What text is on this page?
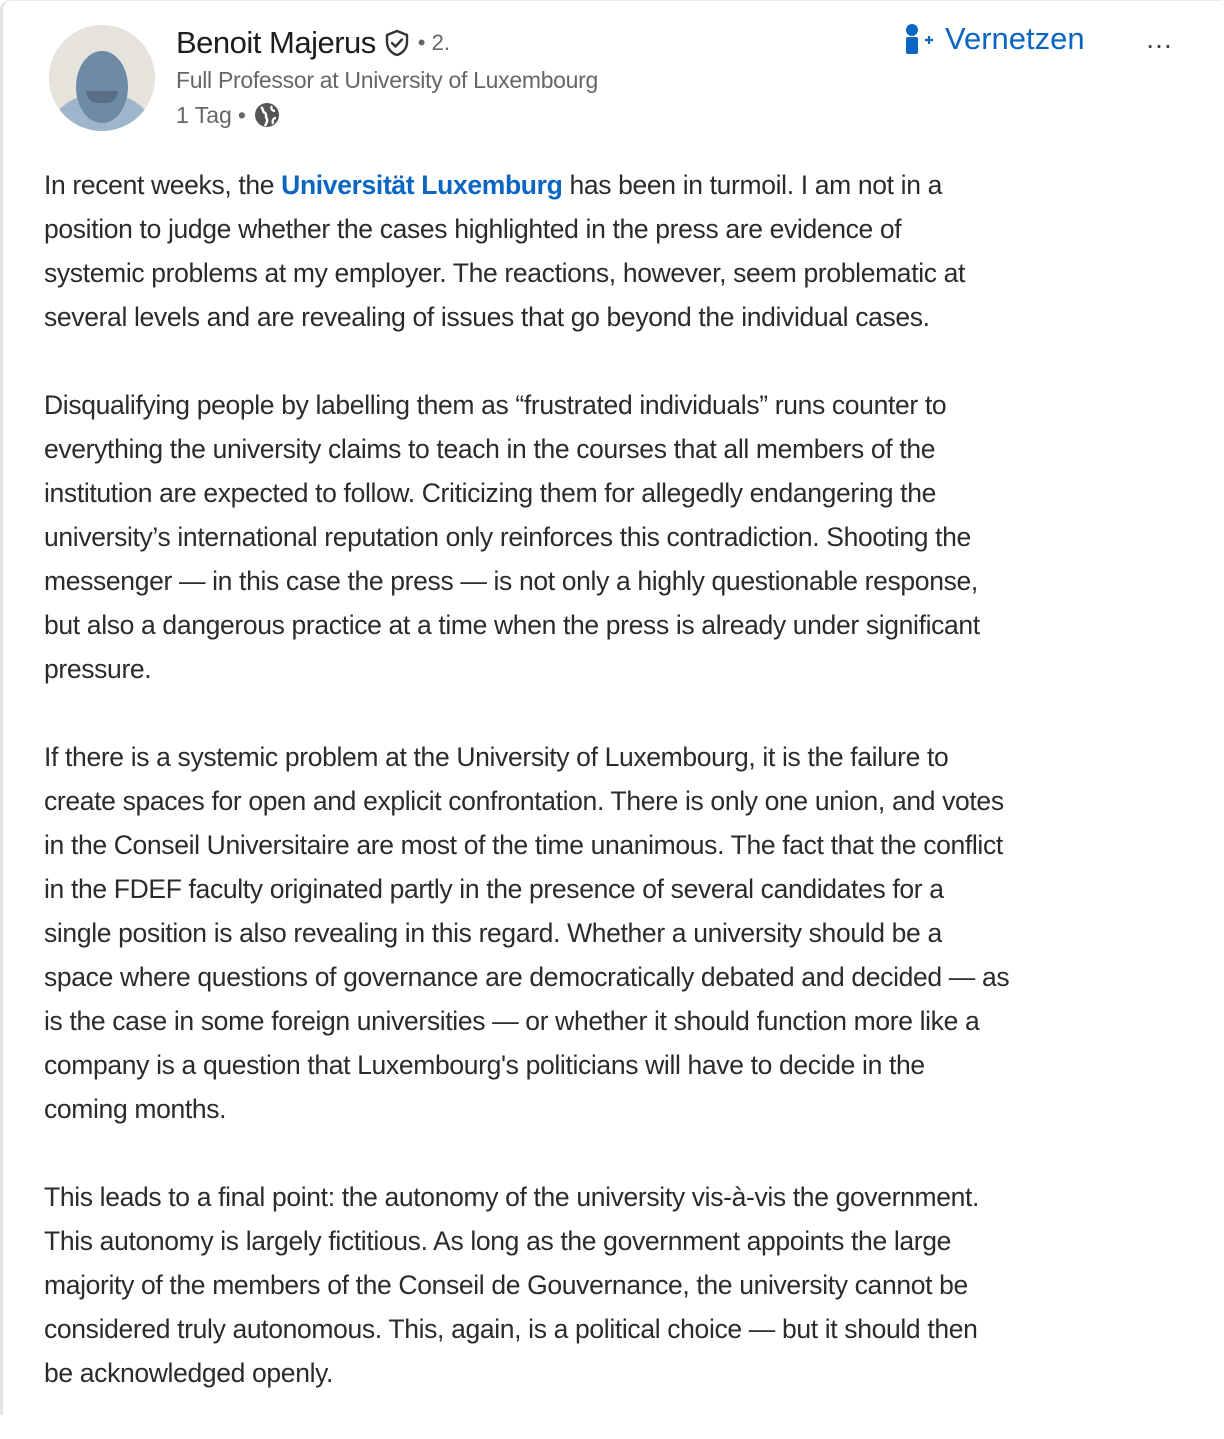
Benoit Majerus • 2.
Full Professor at University of Luxembourg
1 Tag •
Vernetzen …

In recent weeks, the Universität Luxemburg has been in turmoil. I am not in a
position to judge whether the cases highlighted in the press are evidence of
systemic problems at my employer. The reactions, however, seem problematic at
several levels and are revealing of issues that go beyond the individual cases.

Disqualifying people by labelling them as “frustrated individuals” runs counter to
everything the university claims to teach in the courses that all members of the
institution are expected to follow. Criticizing them for allegedly endangering the
university’s international reputation only reinforces this contradiction. Shooting the
messenger — in this case the press — is not only a highly questionable response,
but also a dangerous practice at a time when the press is already under significant
pressure.

If there is a systemic problem at the University of Luxembourg, it is the failure to
create spaces for open and explicit confrontation. There is only one union, and votes
in the Conseil Universitaire are most of the time unanimous. The fact that the conflict
in the FDEF faculty originated partly in the presence of several candidates for a
single position is also revealing in this regard. Whether a university should be a
space where questions of governance are democratically debated and decided — as
is the case in some foreign universities — or whether it should function more like a
company is a question that Luxembourg's politicians will have to decide in the
coming months.

This leads to a final point: the autonomy of the university vis-à-vis the government.
This autonomy is largely fictitious. As long as the government appoints the large
majority of the members of the Conseil de Gouvernance, the university cannot be
considered truly autonomous. This, again, is a political choice — but it should then
be acknowledged openly.
